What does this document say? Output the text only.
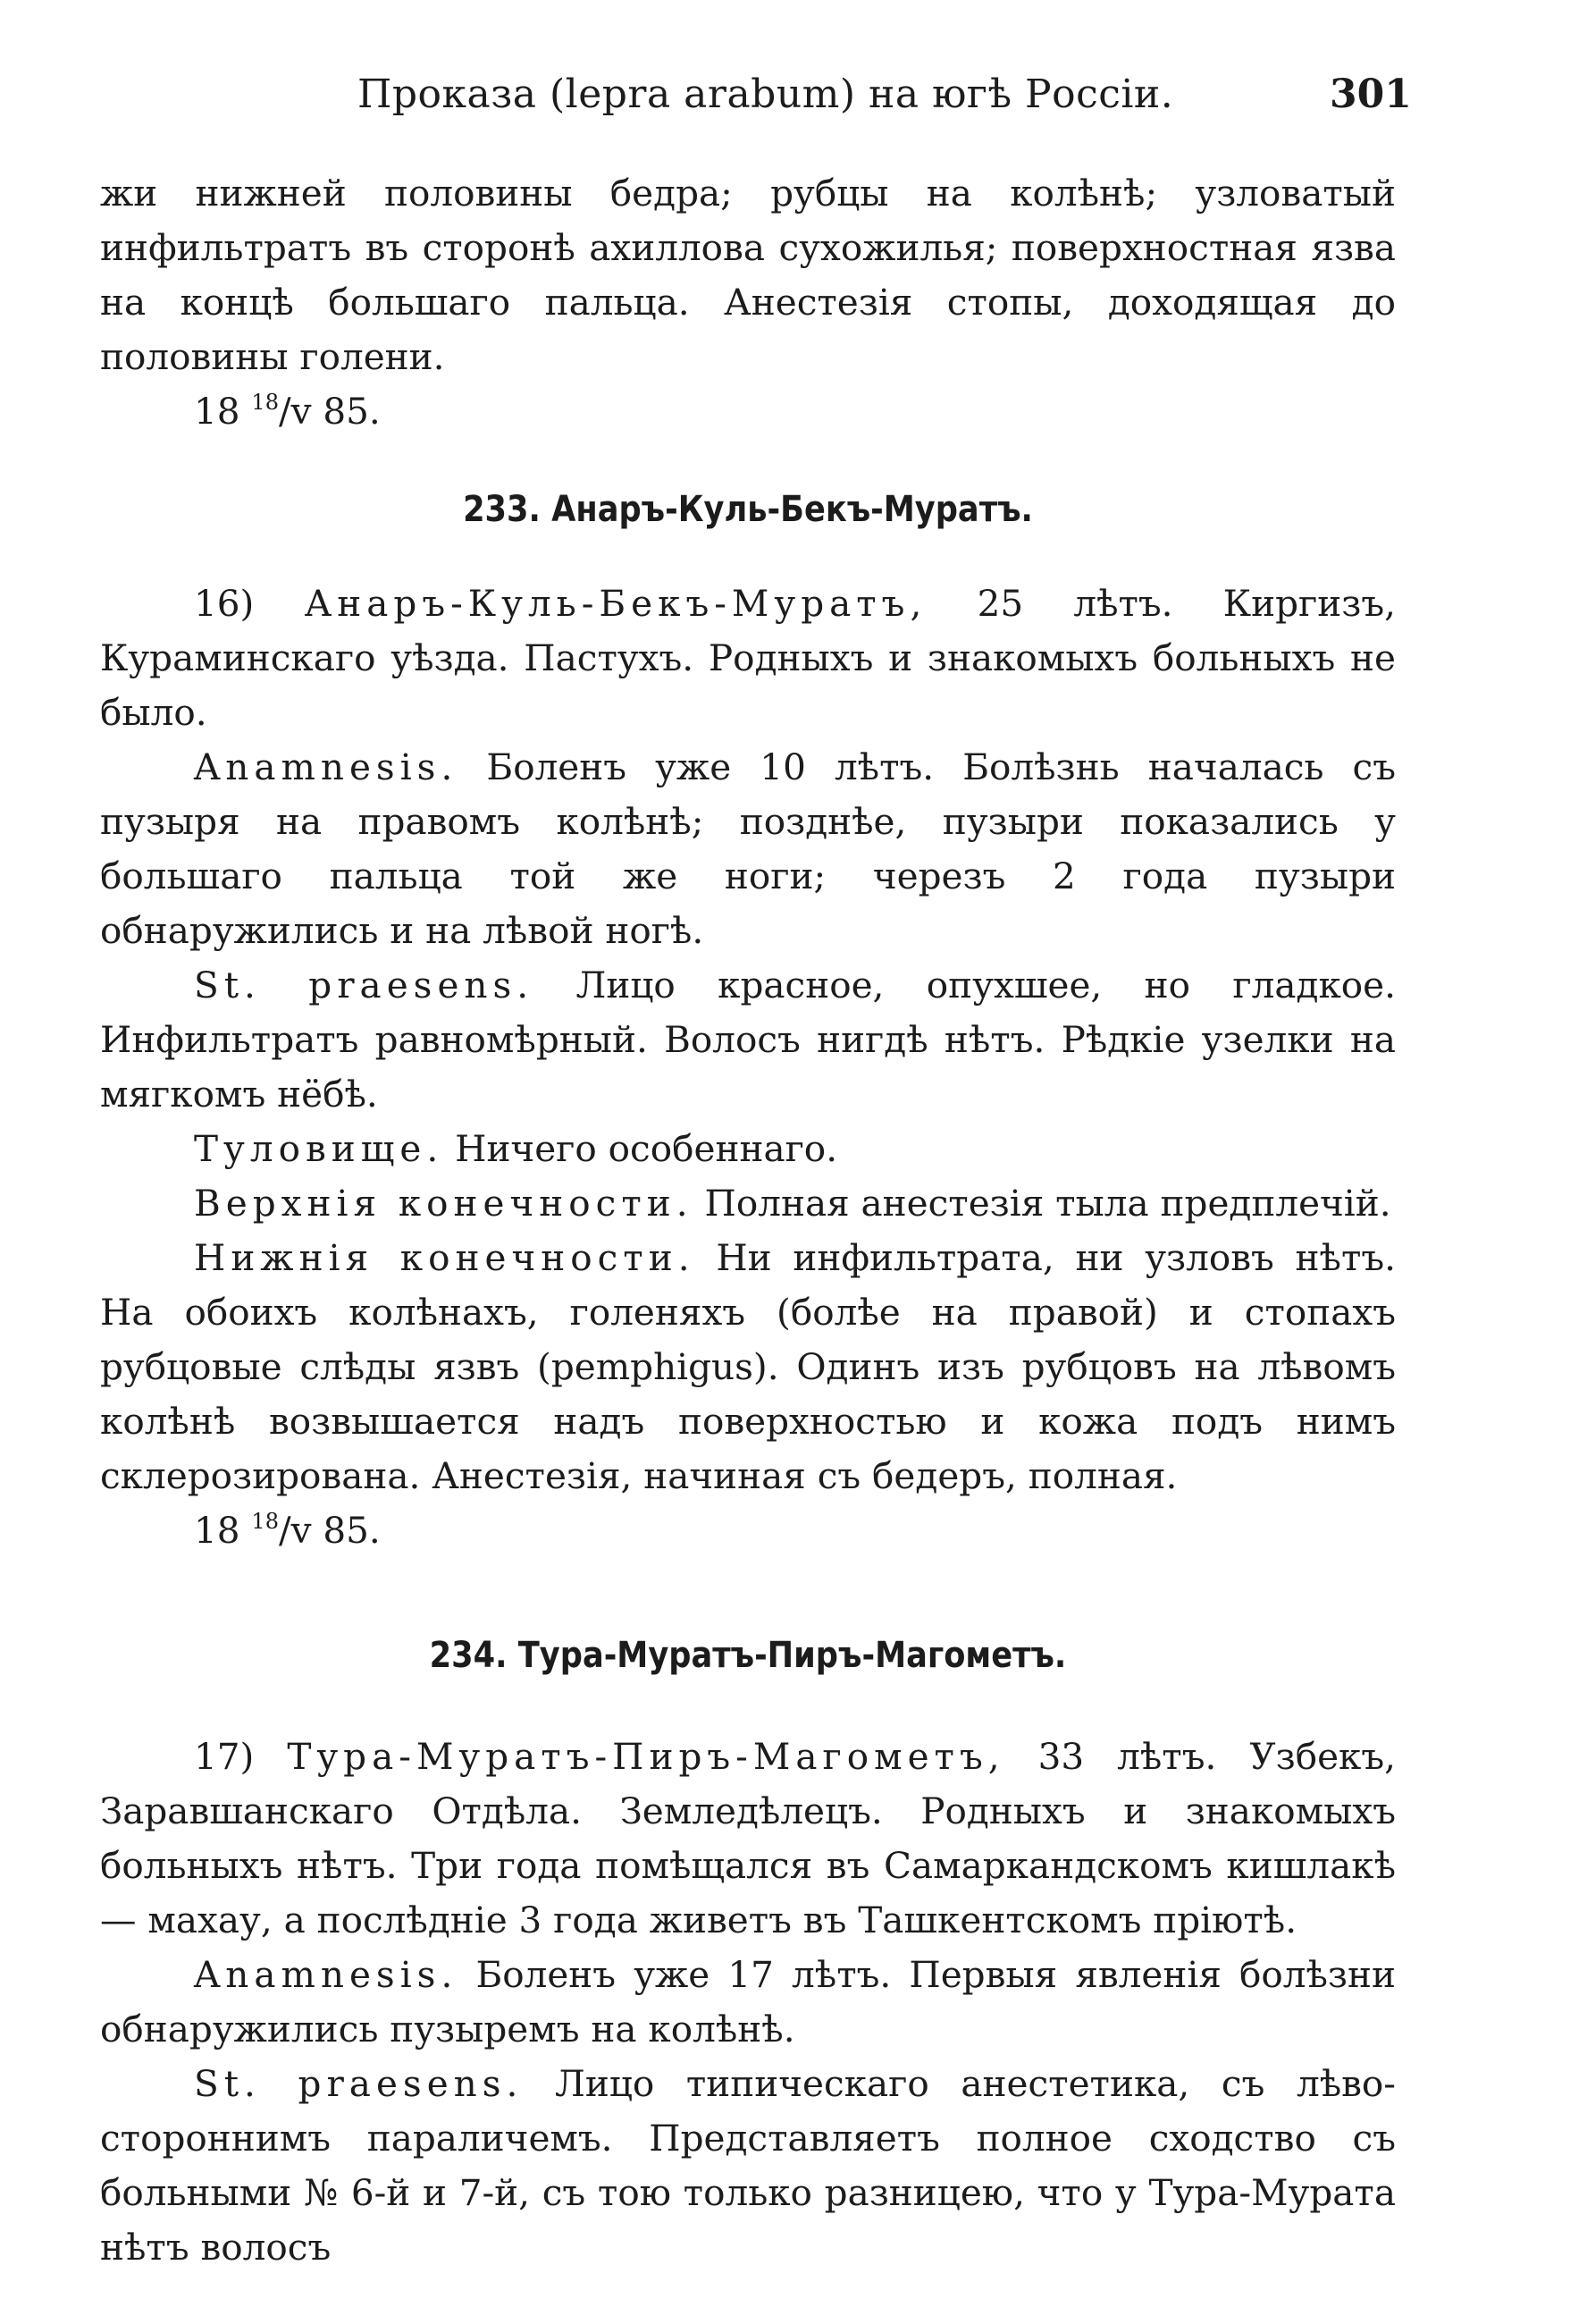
Проказа (lepra arabum) на югѣ Россіи.	301

жи нижней половины бедра; рубцы на колѣнѣ; узловатый инфильтратъ въ сторонѣ ахиллова сухожилья; поверхностная язва на концѣ большаго пальца. Анестезія стопы, доходящая до половины голени.

18 $^{18}$/v 85.
233. Анаръ-Куль-Бекъ-Муратъ.

16) Анаръ-Куль-Бекъ-Муратъ, 25 лѣтъ. Киргизъ, Кураминскаго уѣзда. Пастухъ. Родныхъ и знакомыхъ больныхъ не было.

Anamnesis. Боленъ уже 10 лѣтъ. Болѣзнь началась съ пузыря на правомъ колѣнѣ; позднѣе, пузыри показались у большаго пальца той же ноги; черезъ 2 года пузыри обнаружились и на лѣвой ногѣ.

St. praesens. Лицо красное, опухшее, но гладкое. Инфильтратъ равномѣрный. Волосъ нигдѣ нѣтъ. Рѣдкіе узелки на мягкомъ нёбѣ.

Туловище. Ничего особеннаго.

Верхнія конечности. Полная анестезія тыла предплечій.

Нижнія конечности. Ни инфильтрата, ни узловъ нѣтъ. На обоихъ колѣнахъ, голеняхъ (болѣе на правой) и стопахъ рубцовые слѣды язвъ (pemphigus). Одинъ изъ рубцовъ на лѣвомъ колѣнѣ возвышается надъ поверхностью и кожа подъ нимъ склерозирована. Анестезія, начиная съ бедеръ, полная.

18 $^{18}$/v 85.
234. Тура-Муратъ-Пиръ-Магометъ.

17) Тура-Муратъ-Пиръ-Магометъ, 33 лѣтъ. Узбекъ, Заравшанскаго Отдѣла. Земледѣлецъ. Родныхъ и знакомыхъ больныхъ нѣтъ. Три года помѣщался въ Самаркандскомъ кишлакѣ— махау, а послѣдніе 3 года живетъ въ Ташкентскомъ пріютѣ.

Anamnesis. Боленъ уже 17 лѣтъ. Первыя явленія болѣзни обнаружились пузыремъ на колѣнѣ.

St. praesens. Лицо типическаго анестетика, съ лѣво-стороннимъ параличемъ. Представляетъ полное сходство съ больными № 6-й и 7-й, съ тою только разницею, что у Тура-Мурата нѣтъ волосъ
